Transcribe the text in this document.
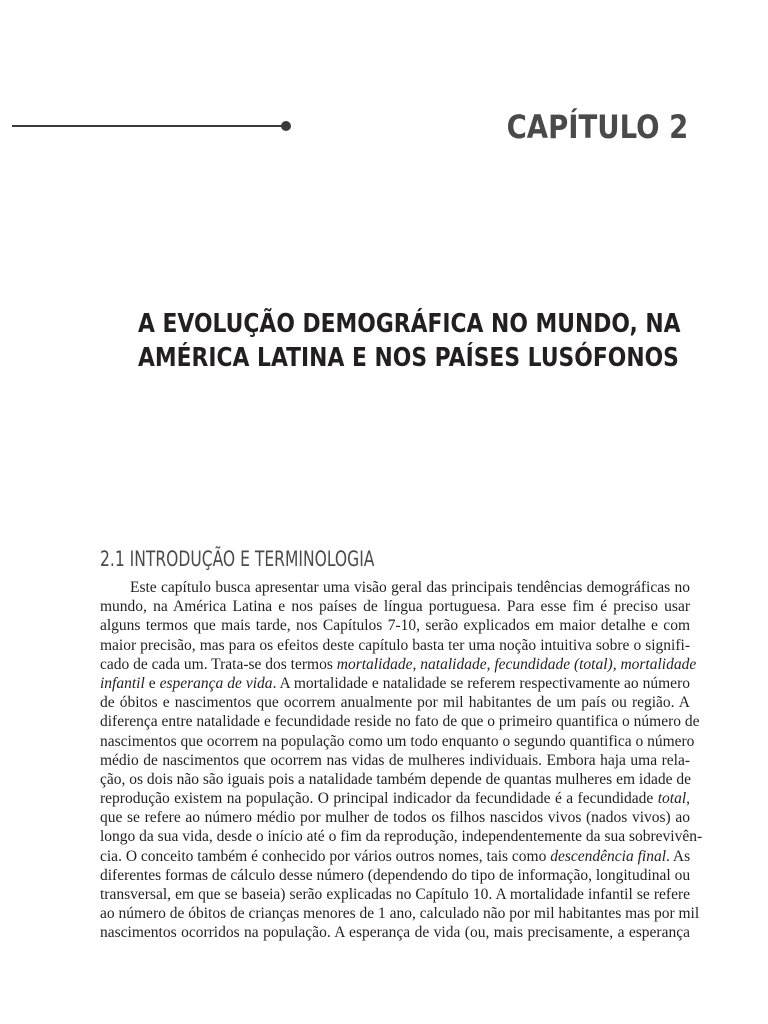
CAPÍTULO 2
A EVOLUÇÃO DEMOGRÁFICA NO MUNDO, NA
AMÉRICA LATINA E NOS PAÍSES LUSÓFONOS
2.1 INTRODUÇÃO E TERMINOLOGIA
Este capítulo busca apresentar uma visão geral das principais tendências demográficas no
mundo, na América Latina e nos países de língua portuguesa. Para esse fim é preciso usar
alguns termos que mais tarde, nos Capítulos 7-10, serão explicados em maior detalhe e com
maior precisão, mas para os efeitos deste capítulo basta ter uma noção intuitiva sobre o signifi-
cado de cada um. Trata-se dos termos mortalidade, natalidade, fecundidade (total), mortalidade
infantil e esperança de vida. A mortalidade e natalidade se referem respectivamente ao número
de óbitos e nascimentos que ocorrem anualmente por mil habitantes de um país ou região. A
diferença entre natalidade e fecundidade reside no fato de que o primeiro quantifica o número de
nascimentos que ocorrem na população como um todo enquanto o segundo quantifica o número
médio de nascimentos que ocorrem nas vidas de mulheres individuais. Embora haja uma rela-
ção, os dois não são iguais pois a natalidade também depende de quantas mulheres em idade de
reprodução existem na população. O principal indicador da fecundidade é a fecundidade total,
que se refere ao número médio por mulher de todos os filhos nascidos vivos (nados vivos) ao
longo da sua vida, desde o início até o fim da reprodução, independentemente da sua sobrevivên-
cia. O conceito também é conhecido por vários outros nomes, tais como descendência final. As
diferentes formas de cálculo desse número (dependendo do tipo de informação, longitudinal ou
transversal, em que se baseia) serão explicadas no Capítulo 10. A mortalidade infantil se refere
ao número de óbitos de crianças menores de 1 ano, calculado não por mil habitantes mas por mil
nascimentos ocorridos na população. A esperança de vida (ou, mais precisamente, a esperança
